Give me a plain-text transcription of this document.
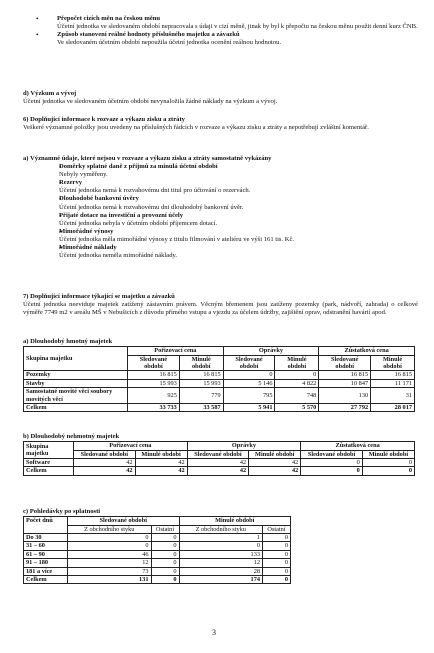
• Přepočet cizích měn na českou měnu
Účetní jednotka ve sledovaném období nepracovala s údaji v cizí měně, jinak by byl k přepočtu na českou měnu použit denní kurz ČNB.
• Způsob stanovení reálné hodnoty příslušného majetku a závazků
Ve sledovaném účetním období nepoužila účetní jednotka ocenění reálnou hodnotou.
d) Výzkum a vývoj
Účetní jednotka ve sledovaném účetním období nevynaložila žádné náklady na výzkum a vývoj.
6) Doplňující informace k rozvaze a výkazu zisku a ztráty
Veškeré významné položky jsou uvedeny na příslušných řádcích v rozvaze a výkazu zisku a ztráty a nepotřebují zvláštní komentář.
a) Významné údaje, které nejsou v rozvaze a výkazu zisku a ztráty samostatně vykázány
• Doměrky splatné daně z příjmů za minulá účetní období
Nebyly vyměřeny.
• Rezervy
Účetní jednotka nemá k rozvahovému dni titul pro účtování o rezervách.
• Dlouhodobé bankovní úvěry
Účetní jednotka nemá k rozvahovému dni dlouhodobý bankovní úvěr.
• Přijaté dotace na investiční a provozní účely
Účetní jednotka nebyla v účetním období příjemcem dotací.
• Mimořádné výnosy
Účetní jednotka měla mimořádné výnosy z titulu filmování v ateliéru ve výši 161 tis. Kč.
• Mimořádné náklady
Účetní jednotka neměla mimořádné náklady.
7) Doplňující informace týkající se majetku a závazků
Účetní jednotka neeviduje majetek zatížený zástavním právem. Věcným břemenem jsou zatíženy pozemky (park, nádvoří, zahrada) o celkové výměře 7749 m2 v areálu MŠ v Nebušicích z důvodu přímého vstupu a vjezdu za účelem údržby, zajištění oprav, odstranění havárií apod.
a) Dlouhodobý hmotný majetek
Skupina majetku	Pořizovací cena		Oprávky		Zůstatková cena	
	Sledované období	Minulé období	Sledované období	Minulé období	Sledované období	Minulé období
Pozemky	16 815	16 815	0	0	16 815	16 815
Stavby	15 993	15 993	5 146	4 822	10 847	11 171
Samostatné movité věci soubory movitých věcí	925	779	795	748	130	31
Celkem	33 733	33 587	5 941	5 570	27 792	28 017
b) Dlouhodobý nehmotný majetek
Skupina majetku	Pořizovací cena		Oprávky		Zůstatková cena	
	Sledované období	Minulé období	Sledované období	Minulé období	Sledované období	Minulé období
Software	42	42	42	42	0	0
Celkem	42	42	42	42	0	0
c) Pohledávky po splatnosti
Počet dnů	Sledované období		Minulé období	
	Z obchodního styku	Ostatní	Z obchodního styku	Ostatní
Do 30	0	0	1	0
31 – 60	0	0	0	0
61 – 90	46	0	133	0
91 – 180	12	0	12	0
181 a více	73	0	28	0
Celkem	131	0	174	0
3
